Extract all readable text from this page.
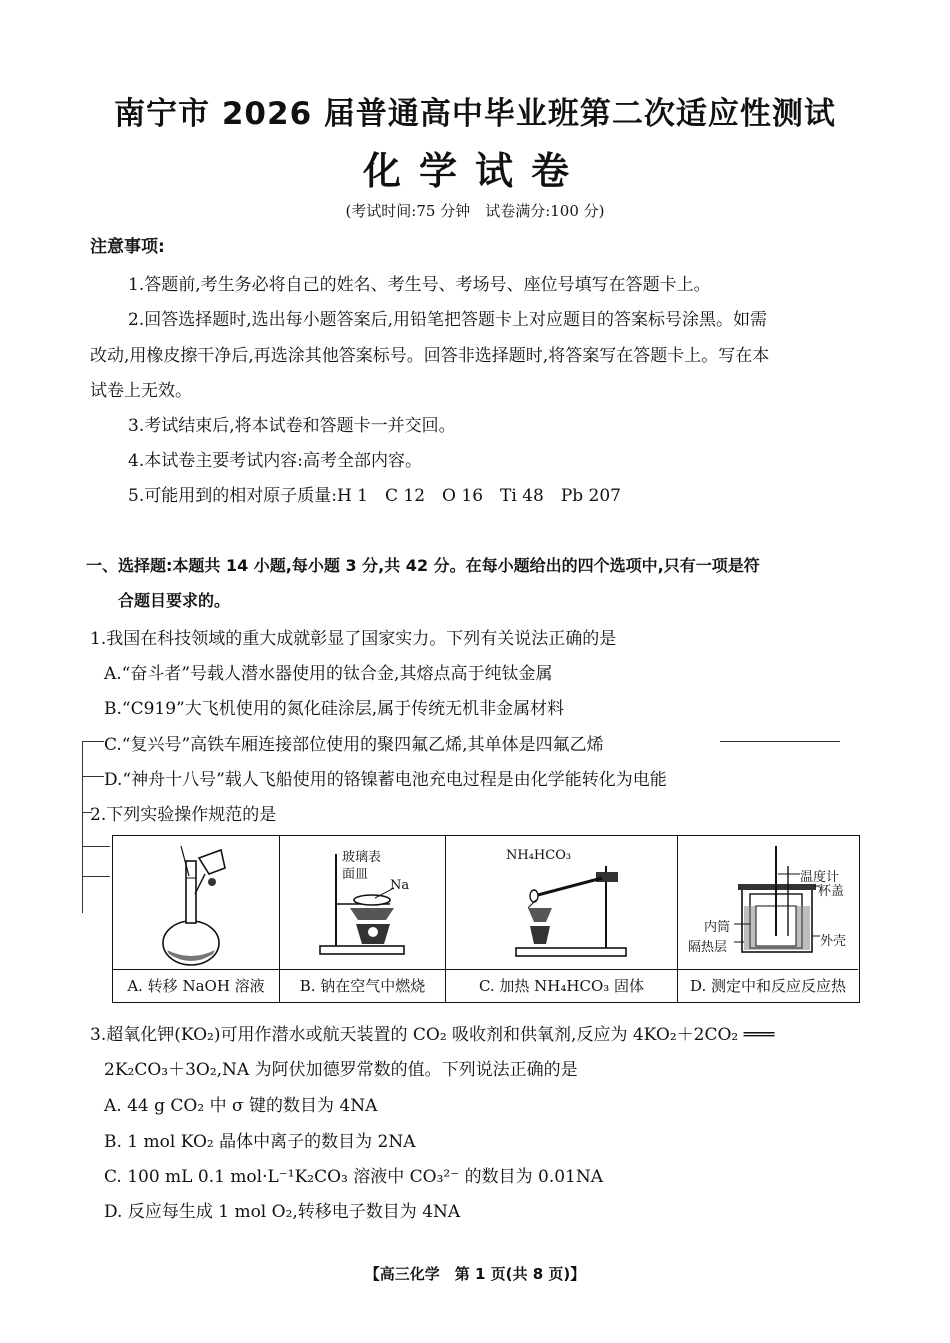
南宁市 2026 届普通高中毕业班第二次适应性测试
化学试卷
(考试时间:75 分钟　试卷满分:100 分)
注意事项:
1.答题前,考生务必将自己的姓名、考生号、考场号、座位号填写在答题卡上。
2.回答选择题时,选出每小题答案后,用铅笔把答题卡上对应题目的答案标号涂黑。如需
改动,用橡皮擦干净后,再选涂其他答案标号。回答非选择题时,将答案写在答题卡上。写在本
试卷上无效。
3.考试结束后,将本试卷和答题卡一并交回。
4.本试卷主要考试内容:高考全部内容。
5.可能用到的相对原子质量:H 1　C 12　O 16　Ti 48　Pb 207
一、选择题:本题共 14 小题,每小题 3 分,共 42 分。在每小题给出的四个选项中,只有一项是符
合题目要求的。
1.我国在科技领域的重大成就彰显了国家实力。下列有关说法正确的是
A.“奋斗者”号载人潜水器使用的钛合金,其熔点高于纯钛金属
B.“C919”大飞机使用的氮化硅涂层,属于传统无机非金属材料
C.“复兴号”高铁车厢连接部位使用的聚四氟乙烯,其单体是四氟乙烯
D.“神舟十八号”载人飞船使用的铬镍蓄电池充电过程是由化学能转化为电能
2.下列实验操作规范的是
A. 转移 NaOH 溶液
玻璃表
面皿
Na
B. 钠在空气中燃烧
NH₄HCO₃
C. 加热 NH₄HCO₃ 固体
温度计
杯盖
内筒
隔热层	外壳
D. 测定中和反应反应热
3.超氧化钾(KO₂)可用作潜水或航天装置的 CO₂ 吸收剂和供氧剂,反应为 4KO₂＋2CO₂ ═══
2K₂CO₃＋3O₂,NA 为阿伏加德罗常数的值。下列说法正确的是
A. 44 g CO₂ 中 σ 键的数目为 4NA
B. 1 mol KO₂ 晶体中离子的数目为 2NA
C. 100 mL 0.1 mol·L⁻¹K₂CO₃ 溶液中 CO₃²⁻ 的数目为 0.01NA
D. 反应每生成 1 mol O₂,转移电子数目为 4NA
【高三化学　第 1 页(共 8 页)】
